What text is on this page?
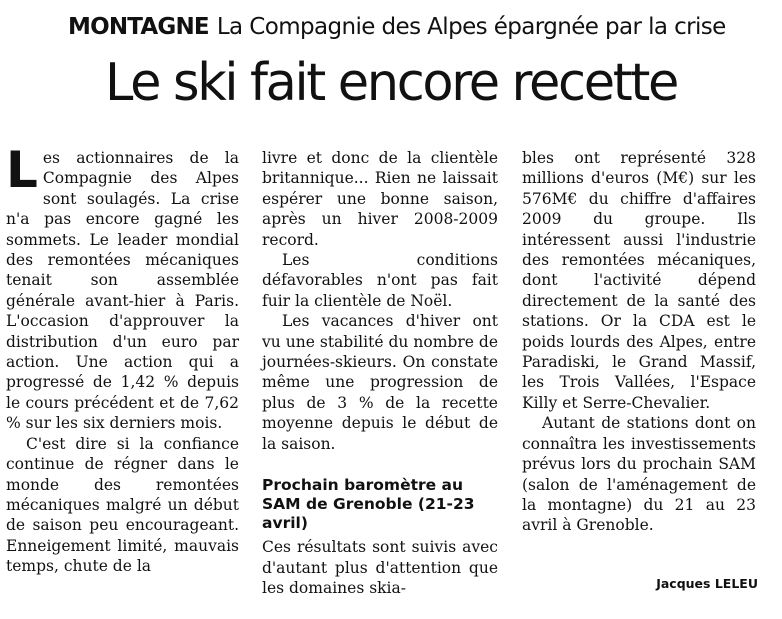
MONTAGNE La Compagnie des Alpes épargnée par la crise
Le ski fait encore recette

Les actionnaires de la Compagnie des Alpes sont soulagés. La crise n'a pas encore gagné les sommets. Le leader mondial des remontées mécaniques tenait son assemblée générale avant-hier à Paris. L'occasion d'approuver la distribution d'un euro par action. Une action qui a progressé de 1,42 % depuis le cours précédent et de 7,62 % sur les six derniers mois.

C'est dire si la confiance continue de régner dans le monde des remontées mécaniques malgré un début de saison peu encourageant. Enneigement limité, mauvais temps, chute de la

livre et donc de la clientèle britannique... Rien ne laissait espérer une bonne saison, après un hiver 2008-2009 record.

Les conditions défavorables n'ont pas fait fuir la clientèle de Noël.

Les vacances d'hiver ont vu une stabilité du nombre de journées-skieurs. On constate même une progression de plus de 3 % de la recette moyenne depuis le début de la saison.

Prochain baromètre au SAM de Grenoble (21-23 avril)

Ces résultats sont suivis avec d'autant plus d'attention que les domaines skia-

bles ont représenté 328 millions d'euros (M€) sur les 576M€ du chiffre d'affaires 2009 du groupe. Ils intéressent aussi l'industrie des remontées mécaniques, dont l'activité dépend directement de la santé des stations. Or la CDA est le poids lourds des Alpes, entre Paradiski, le Grand Massif, les Trois Vallées, l'Espace Killy et Serre-Chevalier.

Autant de stations dont on connaîtra les investissements prévus lors du prochain SAM (salon de l'aménagement de la montagne) du 21 au 23 avril à Grenoble.

Jacques LELEU
